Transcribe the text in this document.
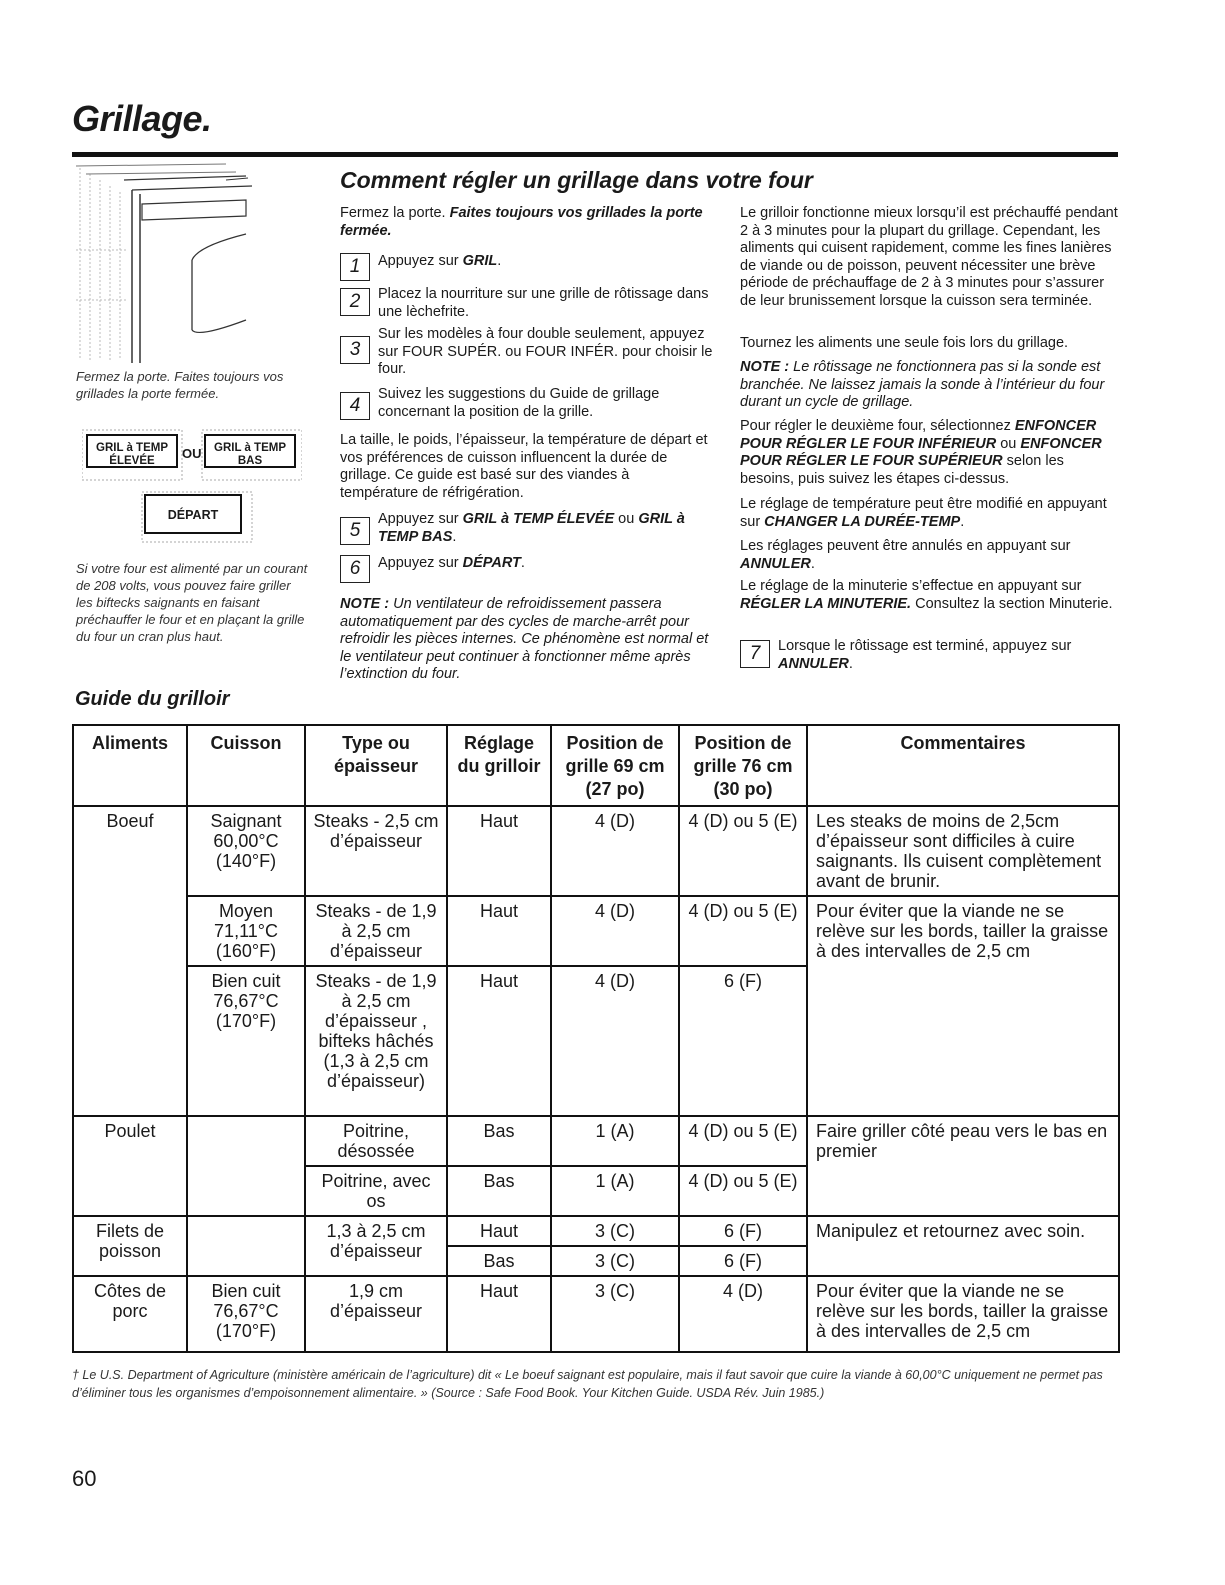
Grillage.
Fermez la porte. Faites toujours vos grillades la porte fermée.
GRIL à TEMP ÉLEVÉE	OU	GRIL à TEMP BAS
DÉPART
Si votre four est alimenté par un courant de 208 volts, vous pouvez faire griller les biftecks saignants en faisant préchauffer le four et en plaçant la grille du four un cran plus haut.
Comment régler un grillage dans votre four
Fermez la porte. Faites toujours vos grillades la porte fermée.
1	Appuyez sur GRIL.
2	Placez la nourriture sur une grille de rôtissage dans une lèchefrite.
3
Sur les modèles à four double seulement, appuyez sur FOUR SUPÉR. ou FOUR INFÉR. pour choisir le four.
4
Suivez les suggestions du Guide de grillage concernant la position de la grille.
La taille, le poids, l’épaisseur, la température de départ et vos préférences de cuisson influencent la durée de grillage. Ce guide est basé sur des viandes à température de réfrigération.
5
Appuyez sur GRIL à TEMP ÉLEVÉE ou GRIL à TEMP BAS.
6	Appuyez sur DÉPART.
NOTE : Un ventilateur de refroidissement passera automatiquement par des cycles de marche-arrêt pour refroidir les pièces internes. Ce phénomène est normal et le ventilateur peut continuer à fonctionner même après l’extinction du four.
Le grilloir fonctionne mieux lorsqu’il est préchauffé pendant 2 à 3 minutes pour la plupart du grillage. Cependant, les aliments qui cuisent rapidement, comme les fines lanières de viande ou de poisson, peuvent nécessiter une brève période de préchauffage de 2 à 3 minutes pour s’assurer de leur brunissement lorsque la cuisson sera terminée.
Tournez les aliments une seule fois lors du grillage.
NOTE : Le rôtissage ne fonctionnera pas si la sonde est branchée. Ne laissez jamais la sonde à l’intérieur du four durant un cycle de grillage.
Pour régler le deuxième four, sélectionnez ENFONCER POUR RÉGLER LE FOUR INFÉRIEUR ou ENFONCER POUR RÉGLER LE FOUR SUPÉRIEUR selon les besoins, puis suivez les étapes ci-dessus.
Le réglage de température peut être modifié en appuyant sur CHANGER LA DURÉE-TEMP.
Les réglages peuvent être annulés en appuyant sur ANNULER.
Le réglage de la minuterie s’effectue en appuyant sur RÉGLER LA MINUTERIE. Consultez la section Minuterie.
7	Lorsque le rôtissage est terminé, appuyez sur ANNULER.
Guide du grilloir
Aliments	Cuisson	Type ou épaisseur	Réglage du grilloir	Position de grille 69 cm (27 po)	Position de grille 76 cm (30 po)	Commentaires
Boeuf	Saignant 60,00°C (140°F)	Steaks - 2,5 cm d’épaisseur	Haut	4 (D)	4 (D) ou 5 (E)	Les steaks de moins de 2,5cm d’épaisseur sont difficiles à cuire saignants. Ils cuisent complètement avant de brunir.
	Moyen 71,11°C (160°F)	Steaks - de 1,9 à 2,5 cm d’épaisseur	Haut	4 (D)	4 (D) ou 5 (E)	Pour éviter que la viande ne se relève sur les bords, tailler la graisse à des intervalles de 2,5 cm
	Bien cuit 76,67°C (170°F)	Steaks - de 1,9 à 2,5 cm d’épaisseur , bifteks hâchés (1,3 à 2,5 cm d’épaisseur)	Haut	4 (D)	6 (F)	
Poulet		Poitrine, désossée	Bas	1 (A)	4 (D) ou 5 (E)	Faire griller côté peau vers le bas en premier
		Poitrine, avec os	Bas	1 (A)	4 (D) ou 5 (E)	
Filets de poisson		1,3 à 2,5 cm d’épaisseur	Haut	3 (C)	6 (F)	Manipulez et retournez avec soin.
			Bas	3 (C)	6 (F)	
Côtes de porc	Bien cuit 76,67°C (170°F)	1,9 cm d’épaisseur	Haut	3 (C)	4 (D)	Pour éviter que la viande ne se relève sur les bords, tailler la graisse à des intervalles de 2,5 cm
† Le U.S. Department of Agriculture (ministère américain de l’agriculture) dit « Le boeuf saignant est populaire, mais il faut savoir que cuire la viande à 60,00°C uniquement ne permet pas d’éliminer tous les organismes d’empoisonnement alimentaire. » (Source : Safe Food Book. Your Kitchen Guide. USDA Rév. Juin 1985.)
60
